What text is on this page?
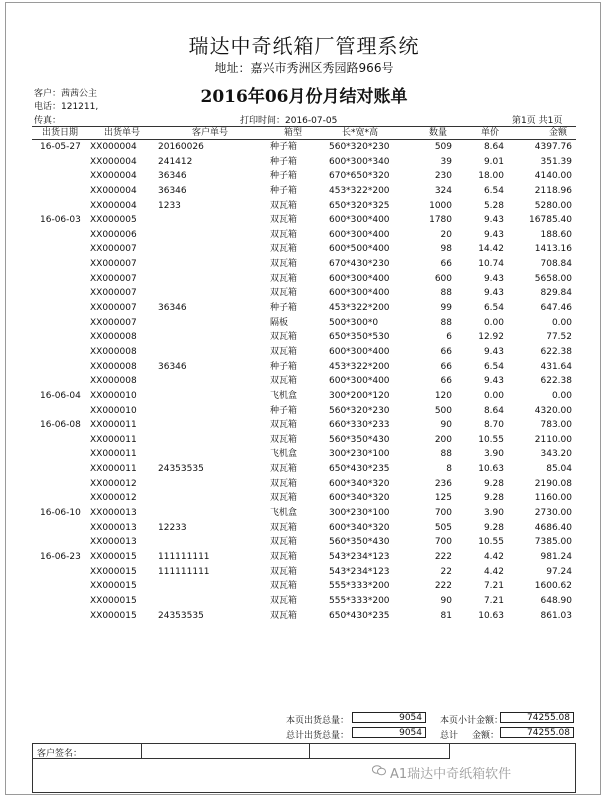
瑞达中奇纸箱厂管理系统
地址：嘉兴市秀洲区秀园路966号
2016年06月份月结对账单
客户：茜茜公主
电话：121211,
传真：	打印时间：2016-07-05	第1页 共1页
出货日期	出货单号	客户单号	箱型	长*宽*高	数量	单价	金额
16-05-27 XX000004 20160026	种子箱	560*320*230	509	8.64	4397.76
XX000004 241412	种子箱	600*300*340	39	9.01	351.39
XX000004 36346	种子箱	670*650*320	230	18.00	4140.00
XX000004 36346	种子箱	453*322*200	324	6.54	2118.96
XX000004 1233	双瓦箱	650*320*325	1000	5.28	5280.00
16-06-03 XX000005	双瓦箱	600*300*400	1780	9.43	16785.40
XX000006	双瓦箱	600*300*400	20	9.43	188.60
XX000007	双瓦箱	600*500*400	98	14.42	1413.16
XX000007	双瓦箱	670*430*230	66	10.74	708.84
XX000007	双瓦箱	600*300*400	600	9.43	5658.00
XX000007	双瓦箱	600*300*400	88	9.43	829.84
XX000007 36346	种子箱	453*322*200	99	6.54	647.46
XX000007	隔板	500*300*0	88	0.00	0.00
XX000008	双瓦箱	650*350*530	6	12.92	77.52
XX000008	双瓦箱	600*300*400	66	9.43	622.38
XX000008 36346	种子箱	453*322*200	66	6.54	431.64
XX000008	双瓦箱	600*300*400	66	9.43	622.38
16-06-04 XX000010	飞机盒	300*200*120	120	0.00	0.00
XX000010	种子箱	560*320*230	500	8.64	4320.00
16-06-08 XX000011	双瓦箱	660*330*233	90	8.70	783.00
XX000011	双瓦箱	560*350*430	200	10.55	2110.00
XX000011	飞机盒	300*230*100	88	3.90	343.20
XX000011 24353535	双瓦箱	650*430*235	8	10.63	85.04
XX000012	双瓦箱	600*340*320	236	9.28	2190.08
XX000012	双瓦箱	600*340*320	125	9.28	1160.00
16-06-10 XX000013	飞机盒	300*230*100	700	3.90	2730.00
XX000013 12233	双瓦箱	600*340*320	505	9.28	4686.40
XX000013	双瓦箱	560*350*430	700	10.55	7385.00
16-06-23 XX000015 111111111	双瓦箱	543*234*123	222	4.42	981.24
XX000015 111111111	双瓦箱	543*234*123	22	4.42	97.24
XX000015	双瓦箱	555*333*200	222	7.21	1600.62
XX000015	双瓦箱	555*333*200	90	7.21	648.90
XX000015 24353535	双瓦箱	650*430*235	81	10.63	861.03
本页出货总量：	9054	本页小计金额：	74255.08
总计出货总量：	9054	总计 金额：	74255.08
客户签名：
A1瑞达中奇纸箱软件
